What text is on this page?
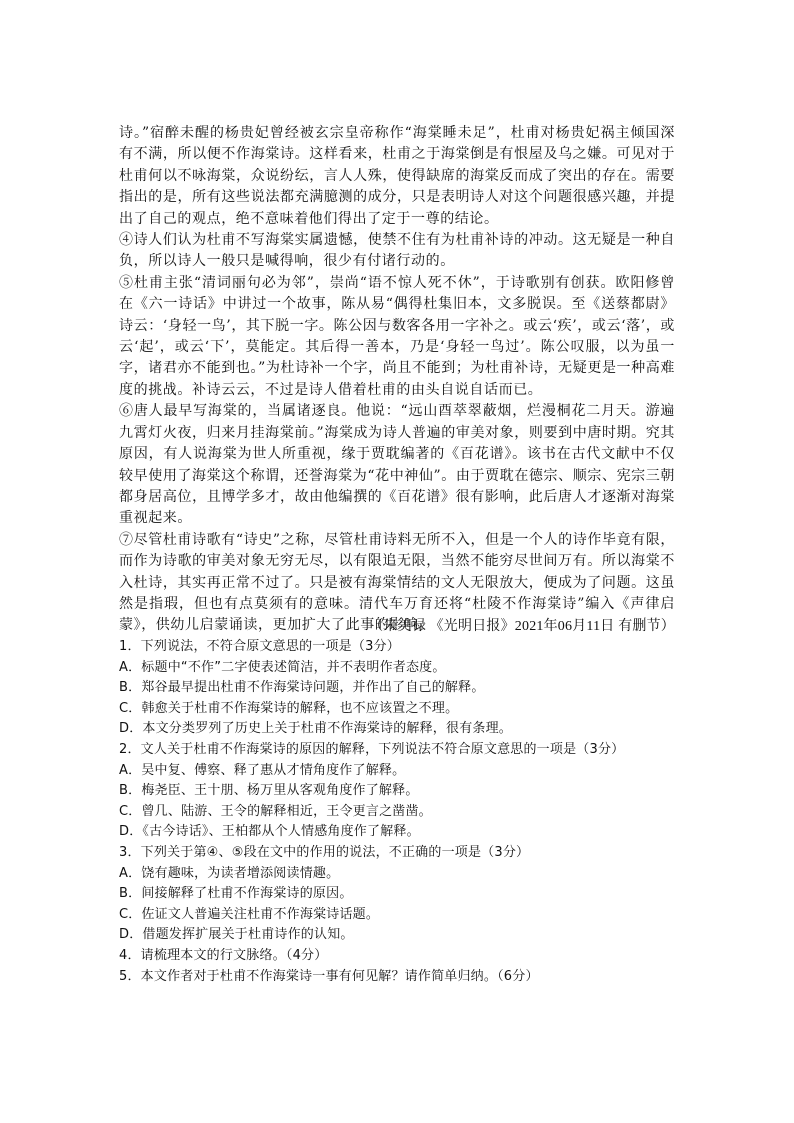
诗。”宿醉未醒的杨贵妃曾经被玄宗皇帝称作“海棠睡未足”，杜甫对杨贵妃祸主倾国深有不满，所以便不作海棠诗。这样看来，杜甫之于海棠倒是有恨屋及乌之嫌。可见对于杜甫何以不咏海棠，众说纷纭，言人人殊，使得缺席的海棠反而成了突出的存在。需要指出的是，所有这些说法都充满臆测的成分，只是表明诗人对这个问题很感兴趣，并提出了自己的观点，绝不意味着他们得出了定于一尊的结论。

④诗人们认为杜甫不写海棠实属遗憾，使禁不住有为杜甫补诗的冲动。这无疑是一种自负，所以诗人一般只是喊得响，很少有付诸行动的。

⑤杜甫主张“清词丽句必为邻”，崇尚“语不惊人死不休”，于诗歌别有创获。欧阳修曾在《六一诗话》中讲过一个故事，陈从易“偶得杜集旧本，文多脱误。至《送蔡都尉》诗云：‘身轻一鸟’，其下脱一字。陈公因与数客各用一字补之。或云‘疾’，或云‘落’，或云‘起’，或云‘下’，莫能定。其后得一善本，乃是‘身轻一鸟过’。陈公叹服，以为虽一字，诸君亦不能到也。”为杜诗补一个字，尚且不能到；为杜甫补诗，无疑更是一种高难度的挑战。补诗云云，不过是诗人借着杜甫的由头自说自话而已。

⑥唐人最早写海棠的，当属诸逐良。他说：“远山酉萃翠蔽烟，烂漫桐花二月天。游遍九霄灯火夜，归来月挂海棠前。”海棠成为诗人普遍的审美对象，则要到中唐时期。究其原因，有人说海棠为世人所重视，缘于贾耽编著的《百花谱》。该书在古代文献中不仅较早使用了海棠这个称谓，还誉海棠为“花中神仙”。由于贾耽在德宗、顺宗、宪宗三朝都身居高位，且博学多才，故由他编撰的《百花谱》很有影响，此后唐人才逐渐对海棠重视起来。

⑦尽管杜甫诗歌有“诗史”之称，尽管杜甫诗料无所不入，但是一个人的诗作毕竟有限，而作为诗歌的审美对象无穷无尽，以有限追无限，当然不能穷尽世间万有。所以海棠不入杜诗，其实再正常不过了。只是被有海棠情结的文人无限放大，便成为了问题。这虽然是指瑕，但也有点莫须有的意味。清代车万育还将“杜陵不作海棠诗”编入《声律启蒙》，供幼儿启蒙诵读，更加扩大了此事的影响。

（朱美禄 《光明日报》2021年06月11日 有删节）
1．下列说法，不符合原文意思的一项是（3分）
A．标题中“不作”二字使表述简洁，并不表明作者态度。
B．郑谷最早提出杜甫不作海棠诗问题，并作出了自己的解释。
C．韩愈关于杜甫不作海棠诗的解释，也不应该置之不理。
D．本文分类罗列了历史上关于杜甫不作海棠诗的解释，很有条理。
2．文人关于杜甫不作海棠诗的原因的解释，下列说法不符合原文意思的一项是（3分）
A．吴中复、傅察、释了惠从才情角度作了解释。
B．梅尧臣、王十朋、杨万里从客观角度作了解释。
C．曾几、陆游、王令的解释相近，王令更言之凿凿。
D．《古今诗话》、王柏都从个人情感角度作了解释。
3．下列关于第④、⑤段在文中的作用的说法，不正确的一项是（3分）
A．饶有趣味，为读者增添阅读情趣。
B．间接解释了杜甫不作海棠诗的原因。
C．佐证文人普遍关注杜甫不作海棠诗话题。
D．借题发挥扩展关于杜甫诗作的认知。
4．请梳理本文的行文脉络。（4分）
5．本文作者对于杜甫不作海棠诗一事有何见解？请作简单归纳。（6分）
